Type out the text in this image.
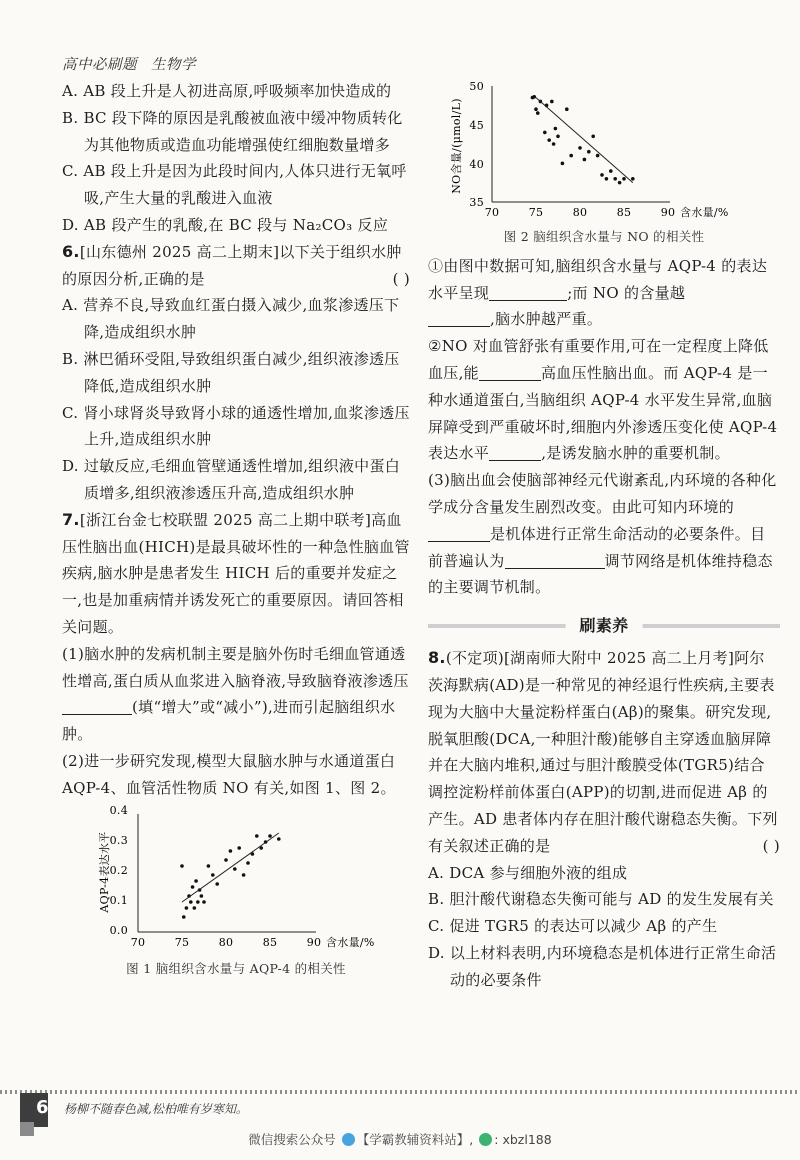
高中必刷题 生物学
A. AB 段上升是人初进高原,呼吸频率加快造成的
B. BC 段下降的原因是乳酸被血液中缓冲物质转化为其他物质或造血功能增强使红细胞数量增多
C. AB 段上升是因为此段时间内,人体只进行无氧呼吸,产生大量的乳酸进入血液
D. AB 段产生的乳酸,在 BC 段与 Na₂CO₃ 反应
6.[山东德州 2025 高二上期末]以下关于组织水肿的原因分析,正确的是	( )
A. 营养不良,导致血红蛋白摄入减少,血浆渗透压下降,造成组织水肿
B. 淋巴循环受阻,导致组织蛋白减少,组织液渗透压降低,造成组织水肿
C. 肾小球肾炎导致肾小球的通透性增加,血浆渗透压上升,造成组织水肿
D. 过敏反应,毛细血管壁通透性增加,组织液中蛋白质增多,组织液渗透压升高,造成组织水肿
7.[浙江台金七校联盟 2025 高二上期中联考]高血压性脑出血(HICH)是最具破坏性的一种急性脑血管疾病,脑水肿是患者发生 HICH 后的重要并发症之一,也是加重病情并诱发死亡的重要原因。请回答相关问题。
(1)脑水肿的发病机制主要是脑外伤时毛细血管通透性增高,蛋白质从血浆进入脑脊液,导致脑脊液渗透压(填“增大”或“减小”),进而引起脑组织水肿。
(2)进一步研究发现,模型大鼠脑水肿与水通道蛋白 AQP-4、血管活性物质 NO 有关,如图 1、图 2。
0.4
0.3
0.2
0.1
0.0
70	75	80	85	90 含水量/%
AQP-4表达水平
图 1 脑组织含水量与 AQP-4 的相关性
50
45
40
35
70	75	80	85	90 含水量/%
NO含量/(μmol/L)
图 2 脑组织含水量与 NO 的相关性
①由图中数据可知,脑组织含水量与 AQP-4 的表达水平呈现	;而 NO 的含量越
,脑水肿越严重。
②NO 对血管舒张有重要作用,可在一定程度上降低血压,能	高血压性脑出血。而 AQP-4 是一种水通道蛋白,当脑组织 AQP-4 水平发生异常,血脑屏障受到严重破坏时,细胞内外渗透压变化使 AQP-4 表达水平	,是诱发脑水肿的重要机制。
(3)脑出血会使脑部神经元代谢紊乱,内环境的各种化学成分含量发生剧烈改变。由此可知内环境的是机体进行正常生命活动的必要条件。目前普遍认为	调节网络是机体维持稳态的主要调节机制。
刷素养
8.(不定项)[湖南师大附中 2025 高二上月考]阿尔茨海默病(AD)是一种常见的神经退行性疾病,主要表现为大脑中大量淀粉样蛋白(Aβ)的聚集。研究发现,脱氧胆酸(DCA,一种胆汁酸)能够自主穿透血脑屏障并在大脑内堆积,通过与胆汁酸膜受体(TGR5)结合调控淀粉样前体蛋白(APP)的切割,进而促进 Aβ 的产生。AD 患者体内存在胆汁酸代谢稳态失衡。下列有关叙述正确的是	( )
A. DCA 参与细胞外液的组成
B. 胆汁酸代谢稳态失衡可能与 AD 的发生发展有关
C. 促进 TGR5 的表达可以减少 Aβ 的产生
D. 以上材料表明,内环境稳态是机体进行正常生命活动的必要条件
6 杨柳不随春色减,松柏唯有岁寒知。
微信搜索公众号 【学霸教辅资料站】, : xbzl188
